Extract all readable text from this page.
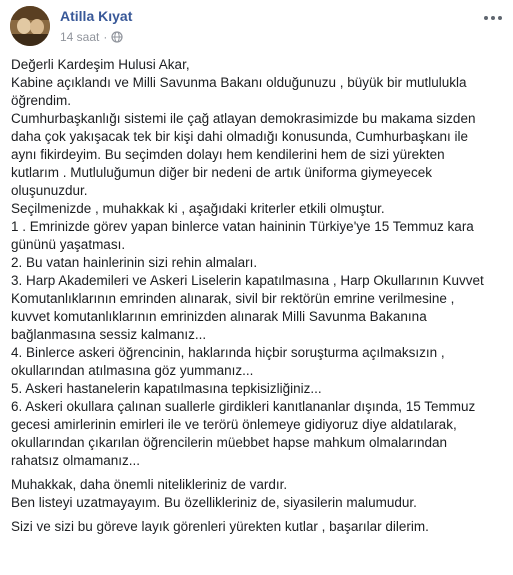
Atilla Kıyat
14 saat ·
Değerli Kardeşim Hulusi Akar,
Kabine açıklandı ve Milli Savunma Bakanı olduğunuzu , büyük bir mutlulukla
öğrendim.
Cumhurbaşkanlığı sistemi ile çağ atlayan demokrasimizde bu makama sizden
daha çok yakışacak tek bir kişi dahi olmadığı konusunda, Cumhurbaşkanı ile
aynı fikirdeyim. Bu seçimden dolayı hem kendilerini hem de sizi yürekten
kutlarım . Mutluluğumun diğer bir nedeni de artık üniforma giymeyecek
oluşunuzdur.
Seçilmenizde , muhakkak ki , aşağıdaki kriterler etkili olmuştur.
1 . Emrinizde görev yapan binlerce vatan haininin Türkiye'ye 15 Temmuz kara
gününü yaşatması.
2. Bu vatan hainlerinin sizi rehin almaları.
3. Harp Akademileri ve Askeri Liselerin kapatılmasına , Harp Okullarının Kuvvet
Komutanlıklarının emrinden alınarak, sivil bir rektörün emrine verilmesine ,
kuvvet komutanlıklarının emrinizden alınarak Milli Savunma Bakanına
bağlanmasına sessiz kalmanız...
4. Binlerce askeri öğrencinin, haklarında hiçbir soruşturma açılmaksızın ,
okullarından atılmasına göz yummanız...
5. Askeri hastanelerin kapatılmasına tepkisizliğiniz...
6. Askeri okullara çalınan suallerle girdikleri kanıtlananlar dışında, 15 Temmuz
gecesi amirlerinin emirleri ile ve terörü önlemeye gidiyoruz diye aldatılarak,
okullarından çıkarılan öğrencilerin müebbet hapse mahkum olmalarından
rahatsız olmamanız...
Muhakkak, daha önemli nitelikleriniz de vardır.
Ben listeyi uzatmayayım. Bu özellikleriniz de, siyasilerin malumudur.
Sizi ve sizi bu göreve layık görenleri yürekten kutlar , başarılar dilerim.
